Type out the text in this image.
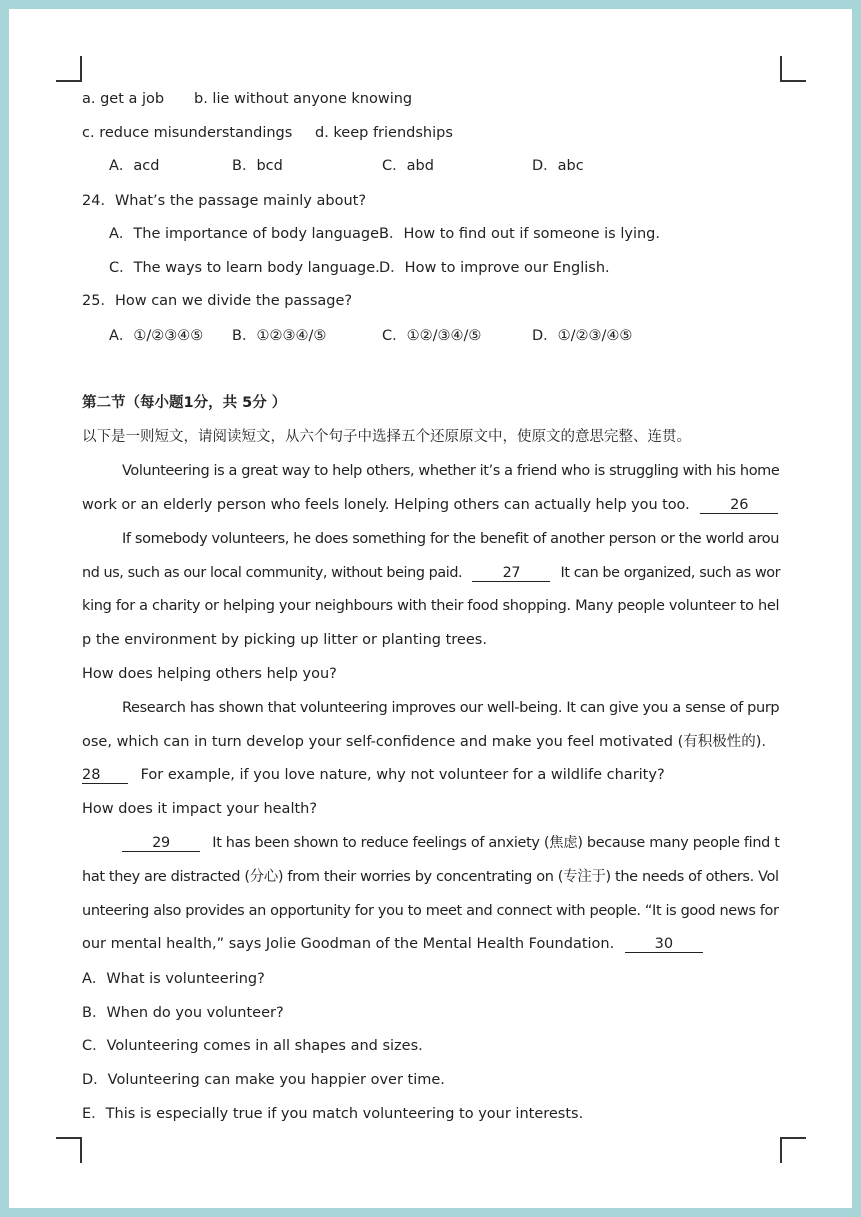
a. get a job b. lie without anyone knowing
c. reduce misunderstandings d. keep friendships
A．acd	B．bcd	C．abd	D．abc
24．What’s the passage mainly about?
A．The importance of body language.
B．How to find out if someone is lying.
C．The ways to learn body language. D．How to improve our English.
25．How can we divide the passage?
A．①/②③④⑤ B．①②③④/⑤	C．①②/③④/⑤	D．①/②③/④⑤
第二节（每小题1分，共 5分 ）
以下是一则短文，请阅读短文，从六个句子中选择五个还原原文中，使原文的意思完整、连贯。
Volunteering is a great way to help others, whether it’s a friend who is struggling with his home
work or an elderly person who feels lonely. Helping others can actually help you too.	26
If somebody volunteers, he does something for the benefit of another person or the world arou
nd us, such as our local community, without being paid.	27	It can be organized, such as wor
king for a charity or helping your neighbours with their food shopping. Many people volunteer to hel
p the environment by picking up litter or planting trees.
How does helping others help you?
Research has shown that volunteering improves our well-being. It can give you a sense of purp
ose, which can in turn develop your self-confidence and make you feel motivated (有积极性的).
28	For example, if you love nature, why not volunteer for a wildlife charity?
How does it impact your health?
29	It has been shown to reduce feelings of anxiety (焦虑) because many people find t
hat they are distracted (分心) from their worries by concentrating on (专注于) the needs of others. Vol
unteering also provides an opportunity for you to meet and connect with people. “It is good news for
our mental health,” says Jolie Goodman of the Mental Health Foundation.	30
A．What is volunteering?
B．When do you volunteer?
C．Volunteering comes in all shapes and sizes.
D．Volunteering can make you happier over time.
E．This is especially true if you match volunteering to your interests.
